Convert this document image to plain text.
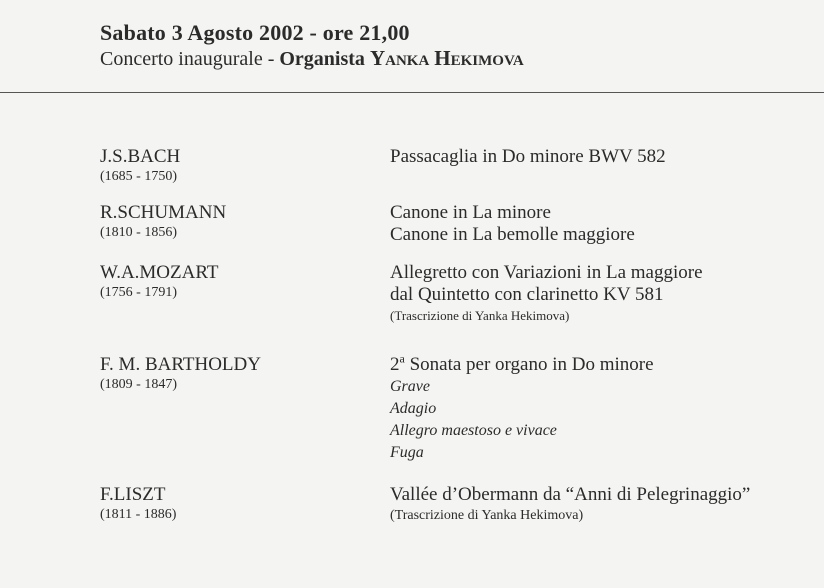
Sabato 3 Agosto 2002 - ore 21,00
Concerto inaugurale - Organista YANKA HEKIMOVA
J.S.BACH
(1685 - 1750)
Passacaglia in Do minore BWV 582
R.SCHUMANN
(1810 - 1856)
Canone in La minore
Canone in La bemolle maggiore
W.A.MOZART
(1756 - 1791)
Allegretto con Variazioni in La maggiore
dal Quintetto con clarinetto KV 581
(Trascrizione di Yanka Hekimova)
F. M. BARTHOLDY
(1809 - 1847)
2$^a$ Sonata per organo in Do minore
Grave
Adagio
Allegro maestoso e vivace
Fuga
F.LISZT
(1811 - 1886)
Vallée d’Obermann da “Anni di Pelegrinaggio”
(Trascrizione di Yanka Hekimova)
